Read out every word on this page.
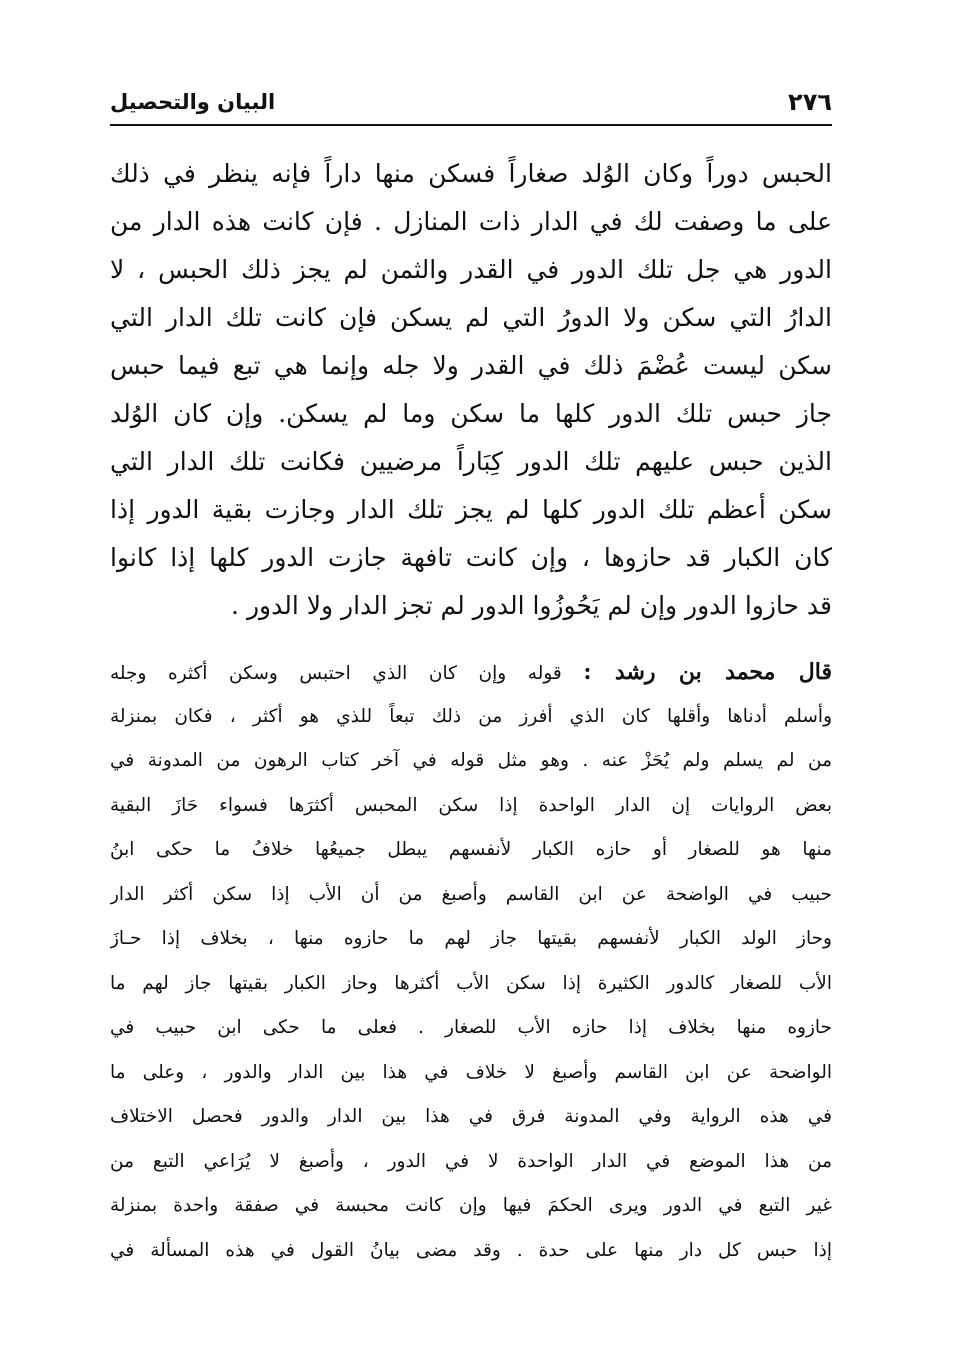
٢٧٦
البيان والتحصيل
الحبس دوراً وكان الوُلد صغاراً فسكن منها داراً فإنه ينظر في ذلك
على ما وصفت لك في الدار ذات المنازل . فإن كانت هذه الدار من
الدور هي جل تلك الدور في القدر والثمن لم يجز ذلك الحبس ، لا
الدارُ التي سكن ولا الدورُ التي لم يسكن فإن كانت تلك الدار التي
سكن ليست عُضْمَ ذلك في القدر ولا جله وإنما هي تبع فيما حبس
جاز حبس تلك الدور كلها ما سكن وما لم يسكن. وإن كان الوُلد
الذين حبس عليهم تلك الدور كِبَاراً مرضيين فكانت تلك الدار التي
سكن أعظم تلك الدور كلها لم يجز تلك الدار وجازت بقية الدور إذا
كان الكبار قد حازوها ، وإن كانت تافهة جازت الدور كلها إذا كانوا
قد حازوا الدور وإن لم يَحُوزُوا الدور لم تجز الدار ولا الدور .
قال محمد بن رشد : قوله وإن كان الذي احتبس وسكن أكثره وجله
وأسلم أدناها وأقلها كان الذي أفرز من ذلك تبعاً للذي هو أكثر ، فكان بمنزلة
من لم يسلم ولم يُحَزْ عنه . وهو مثل قوله في آخر كتاب الرهون من المدونة في
بعض الروايات إن الدار الواحدة إذا سكن المحبس أكثرَها فسواء حَازَ البقية
منها هو للصغار أو حازه الكبار لأنفسهم يبطل جميعُها خلافُ ما حكى ابنُ
حبيب في الواضحة عن ابن القاسم وأصبغ من أن الأب إذا سكن أكثر الدار
وحاز الولد الكبار لأنفسهم بقيتها جاز لهم ما حازوه منها ، بخلاف إذا حـازَ
الأب للصغار كالدور الكثيرة إذا سكن الأب أكثرها وحاز الكبار بقيتها جاز لهم ما
حازوه منها بخلاف إذا حازه الأب للصغار . فعلى ما حكى ابن حبيب في
الواضحة عن ابن القاسم وأصبغ لا خلاف في هذا بين الدار والدور ، وعلى ما
في هذه الرواية وفي المدونة فرق في هذا بين الدار والدور فحصل الاختلاف
من هذا الموضع في الدار الواحدة لا في الدور ، وأصبغ لا يُرَاعي التبع من
غير التبع في الدور ويرى الحكمَ فيها وإن كانت محبسة في صفقة واحدة بمنزلة
إذا حبس كل دار منها على حدة . وقد مضى بيانُ القول في هذه المسألة في
